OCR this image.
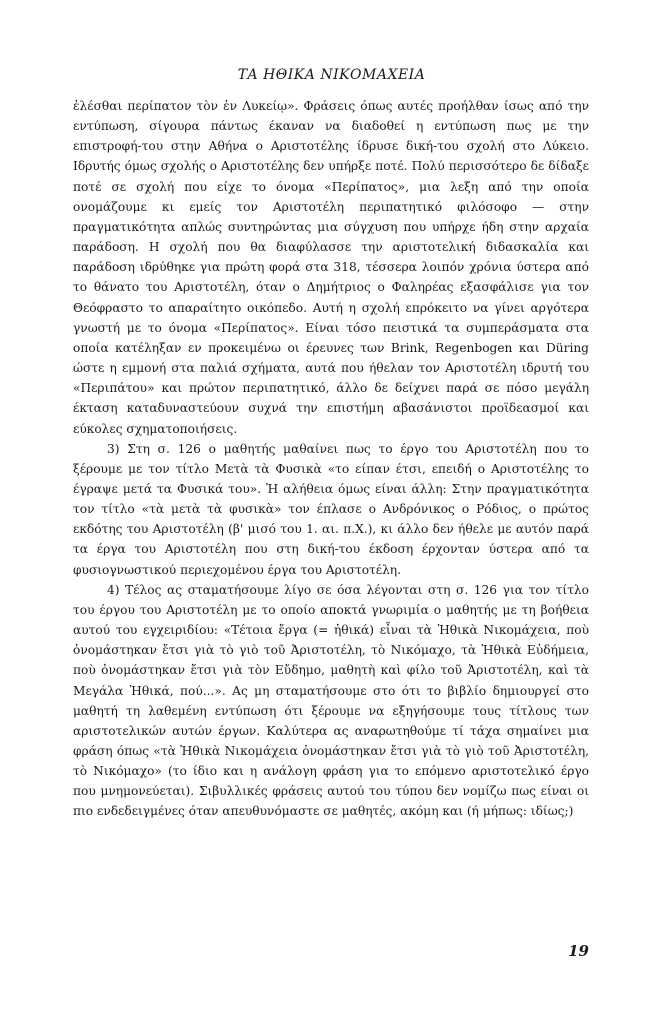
ΤΑ ΗΘΙΚΑ ΝΙΚΟΜΑΧΕΙΑ

ἐλέσθαι περίπατον τὸν ἐν Λυκείῳ». Φράσεις όπως αυτές προήλθαν ίσως από την εντύπωση, σίγουρα πάντως έκαναν να διαδοθεί η εντύπωση πως με την επιστροφή-του στην Αθήνα ο Αριστοτέλης ίδρυσε δική-του σχολή στο Λύκειο. Ιδρυτής όμως σχολής ο Αριστοτέλης δεν υπήρξε ποτέ. Πολύ περισσότερο δε δίδαξε ποτέ σε σχολή που είχε το όνομα «Περίπατος», μια λεξη από την οποία ονομάζουμε κι εμείς τον Αριστοτέλη περιπατητικό φιλόσοφο — στην πραγματικότητα απλώς συντηρώντας μια σύγχυση που υπήρχε ήδη στην αρχαία παράδοση. Η σχολή που θα διαφύλασσε την αριστοτελική διδασκαλία και παράδοση ιδρύθηκε για πρώτη φορά στα 318, τέσσερα λοιπόν χρόνια ύστερα από το θάνατο του Αριστοτέλη, όταν ο Δημήτριος ο Φαληρέας εξασφάλισε για τον Θεόφραστο το απαραίτητο οικόπεδο. Αυτή η σχολή επρόκειτο να γίνει αργότερα γνωστή με το όνομα «Περίπατος». Είναι τόσο πειστικά τα συμπεράσματα στα οποία κατέληξαν εν προκειμένω οι έρευνες των Brink, Regenbogen και Düring ώστε η εμμονή στα παλιά σχήματα, αυτά που ήθελαν τον Αριστοτέλη ιδρυτή του «Περιπάτου» και πρώτον περιπατητικό, άλλο δε δείχνει παρά σε πόσο μεγάλη έκταση καταδυναστεύουν συχνά την επιστήμη αβασάνιστοι προϊδεασμοί και εύκολες σχηματοποιήσεις.

3) Στη σ. 126 ο μαθητής μαθαίνει πως το έργο του Αριστοτέλη που το ξέρουμε με τον τίτλο Μετὰ τὰ Φυσικὰ «το είπαν έτσι, επειδή ο Αριστοτέλης το έγραψε μετά τα Φυσικά του». Ἡ αλήθεια όμως είναι άλλη: Στην πραγματικότητα τον τίτλο «τὰ μετὰ τὰ φυσικὰ» τον έπλασε ο Ανδρόνικος ο Ρόδιος, ο πρώτος εκδότης του Αριστοτέλη (β' μισό του 1. αι. π.Χ.), κι άλλο δεν ήθελε με αυτόν παρά τα έργα του Αριστοτέλη που στη δική-του έκδοση έρχονταν ύστερα από τα φυσιογνωστικού περιεχομένου έργα του Αριστοτέλη.

4) Τέλος ας σταματήσουμε λίγο σε όσα λέγονται στη σ. 126 για τον τίτλο του έργου του Αριστοτέλη με το οποίο αποκτά γνωριμία ο μαθητής με τη βοήθεια αυτού του εγχειριδίου: «Τέτοια ἔργα (= ἠθικά) εἶναι τὰ Ἠθικὰ Νικομάχεια, ποὺ ὀνομάστηκαν ἔτσι γιὰ τὸ γιὸ τοῦ Ἀριστοτέλη, τὸ Νικόμαχο, τὰ Ἠθικὰ Εὐδήμεια, ποὺ ὀνομάστηκαν ἔτσι γιὰ τὸν Εὔδημο, μαθητὴ καὶ φίλο τοῦ Ἀριστοτέλη, καὶ τὰ Μεγάλα Ἠθικά, πού...». Ας μη σταματήσουμε στο ότι το βιβλίο δημιουργεί στο μαθητή τη λαθεμένη εντύπωση ότι ξέρουμε να εξηγήσουμε τους τίτλους των αριστοτελικών αυτών έργων. Καλύτερα ας αναρωτηθούμε τί τάχα σημαίνει μια φράση όπως «τὰ Ἠθικὰ Νικομάχεια ὀνομάστηκαν ἔτσι γιὰ τὸ γιὸ τοῦ Ἀριστοτέλη, τὸ Νικόμαχο» (το ίδιο και η ανάλογη φράση για το επόμενο αριστοτελικό έργο που μνημονεύεται). Σιβυλλικές φράσεις αυτού του τύπου δεν νομίζω πως είναι οι πιο ενδεδειγμένες όταν απευθυνόμαστε σε μαθητές, ακόμη και (ή μήπως: ιδίως;)

19
